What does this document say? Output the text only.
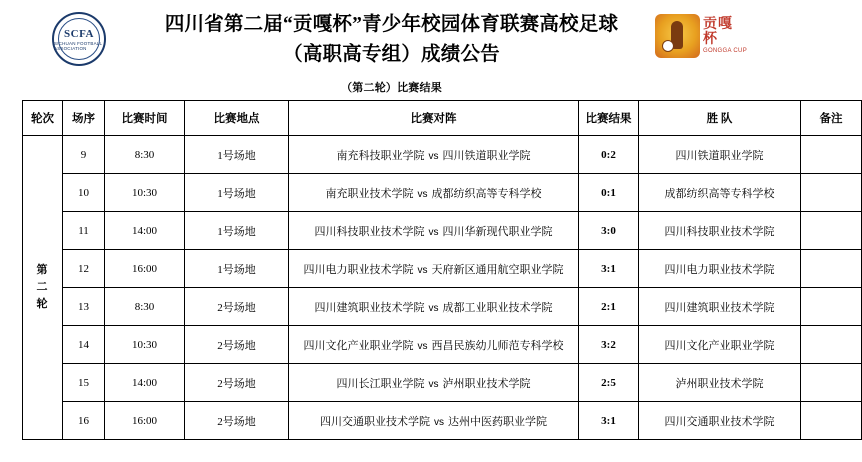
SCFA
SICHUAN FOOTBALL ASSOCIATION
贡嘎杯
GONGGA CUP
四川省第二届“贡嘎杯”青少年校园体育联赛高校足球
（高职高专组）成绩公告
（第二轮）比赛结果
轮次	场序	比赛时间	比赛地点	比赛对阵	比赛结果	胜 队	备注

第
二
轮	9	8:30	1号场地	南充科技职业学院 vs 四川铁道职业学院	0:2	四川铁道职业学院	
	10	10:30	1号场地	南充职业技术学院 vs 成都纺织高等专科学校	0:1	成都纺织高等专科学校	
	11	14:00	1号场地	四川科技职业技术学院 vs 四川华新现代职业学院	3:0	四川科技职业技术学院	
	12	16:00	1号场地	四川电力职业技术学院 vs 天府新区通用航空职业学院	3:1	四川电力职业技术学院	
	13	8:30	2号场地	四川建筑职业技术学院 vs 成都工业职业技术学院	2:1	四川建筑职业技术学院	
	14	10:30	2号场地	四川文化产业职业学院 vs 西昌民族幼儿师范专科学校	3:2	四川文化产业职业学院	
	15	14:00	2号场地	四川长江职业学院 vs 泸州职业技术学院	2:5	泸州职业技术学院	
	16	16:00	2号场地	四川交通职业技术学院 vs 达州中医药职业学院	3:1	四川交通职业技术学院	
